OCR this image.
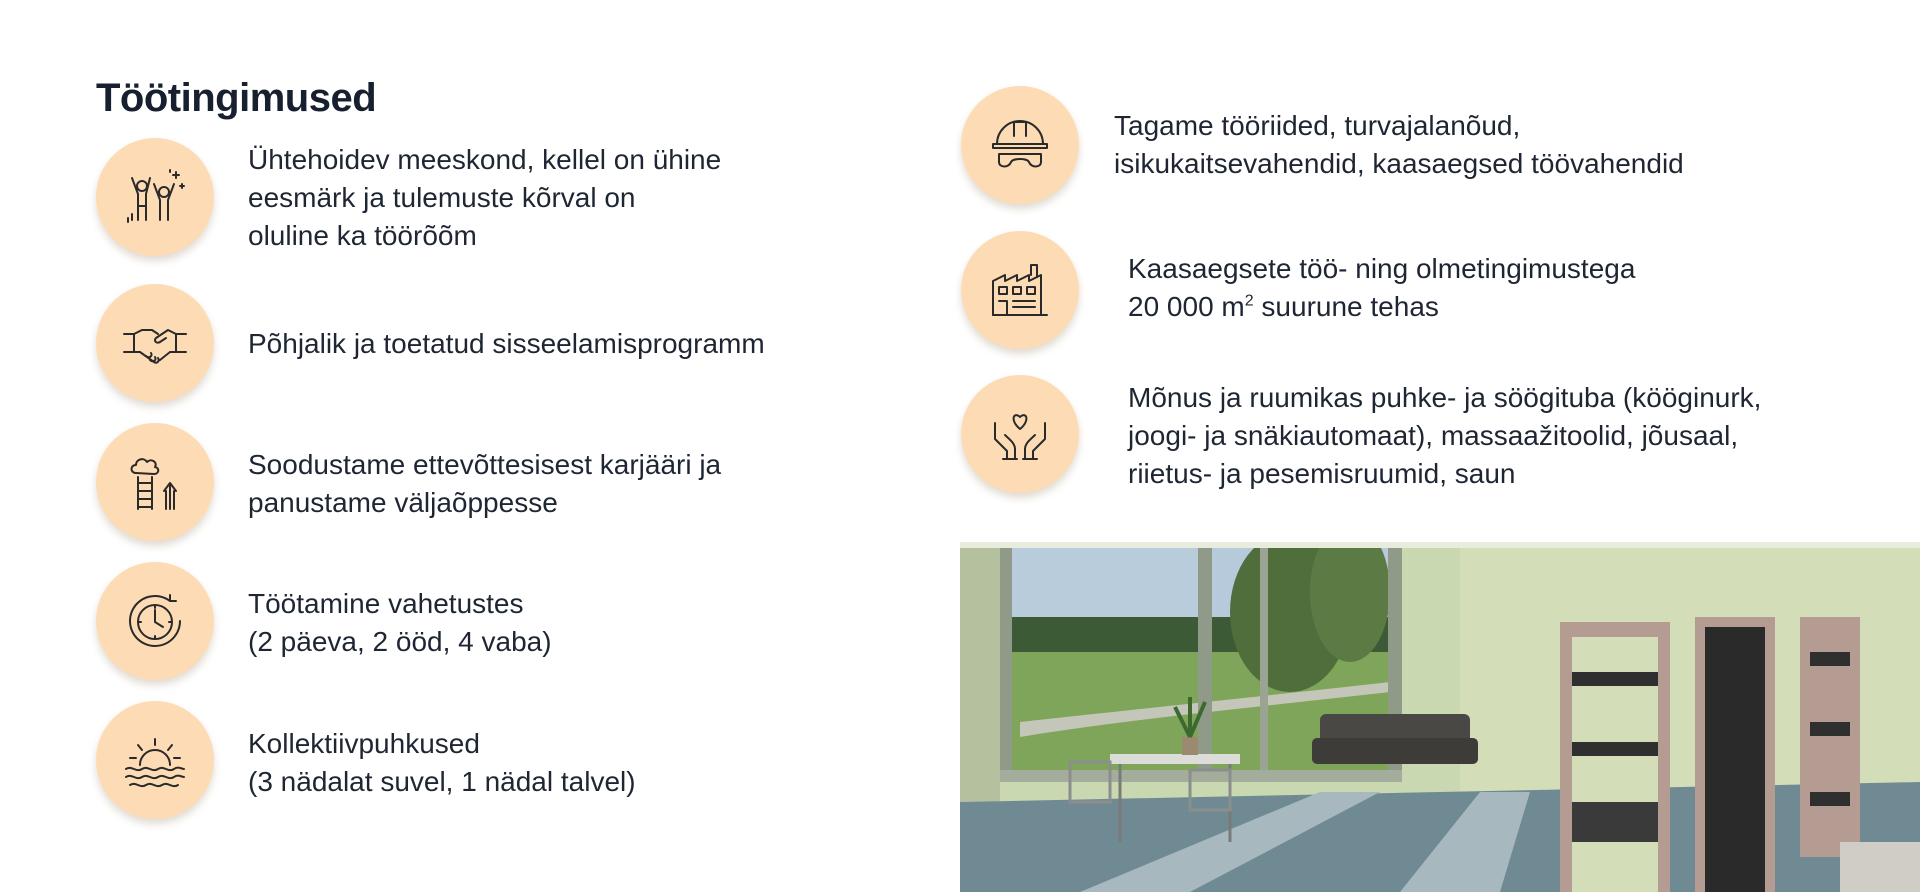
Töötingimused

Ühtehoidev meeskond, kellel on ühine
eesmärk ja tulemuste kõrval on
oluline ka töörõõm

Põhjalik ja toetatud sisseelamisprogramm

Soodustame ettevõttesisest karjääri ja
panustame väljaõppesse

Töötamine vahetustes
(2 päeva, 2 ööd, 4 vaba)

Kollektiivpuhkused
(3 nädalat suvel, 1 nädal talvel)

Tagame tööriided, turvajalanõud,
isikukaitsevahendid, kaasaegsed töövahendid

Kaasaegsete töö- ning olmetingimustega
20 000 $m^2$ suurune tehas

Mõnus ja ruumikas puhke- ja söögituba (kööginurk,
joogi- ja snäkiautomaat), massaažitoolid, jõusaal,
riietus- ja pesemisruumid, saun
